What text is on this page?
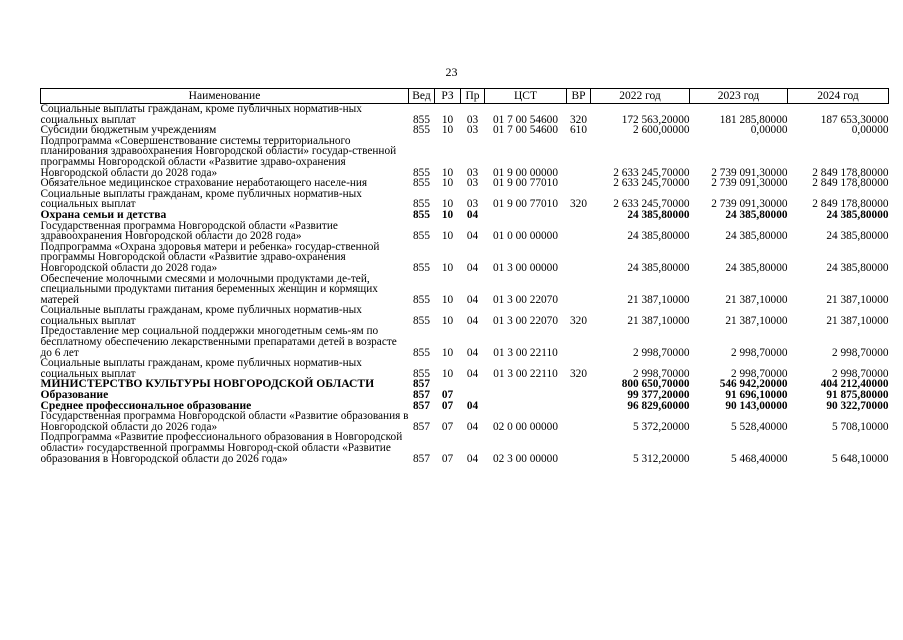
23
Наименование	Вед	РЗ	Пр	ЦСТ	ВР	2022 год	2023 год	2024 год
Социальные выплаты гражданам, кроме публичных норматив-ных социальных выплат	855	10	03	01 7 00 54600	320	172 563,20000	181 285,80000	187 653,30000
Субсидии бюджетным учреждениям	855	10	03	01 7 00 54600	610	2 600,00000	0,00000	0,00000
Подпрограмма «Совершенствование системы территориального планирования здравоохранения Новгородской области» государ-ственной программы Новгородской области «Развитие здраво-охранения Новгородской области до 2028 года»	855	10	03	01 9 00 00000		2 633 245,70000	2 739 091,30000	2 849 178,80000
Обязательное медицинское страхование неработающего населе-ния	855	10	03	01 9 00 77010		2 633 245,70000	2 739 091,30000	2 849 178,80000
Социальные выплаты гражданам, кроме публичных норматив-ных социальных выплат	855	10	03	01 9 00 77010	320	2 633 245,70000	2 739 091,30000	2 849 178,80000
Охрана семьи и детства	855	10	04			24 385,80000	24 385,80000	24 385,80000
Государственная программа Новгородской области «Развитие здравоохранения Новгородской области до 2028 года»	855	10	04	01 0 00 00000		24 385,80000	24 385,80000	24 385,80000
Подпрограмма «Охрана здоровья матери и ребенка» государ-ственной программы Новгородской области «Развитие здраво-охранения Новгородской области до 2028 года»	855	10	04	01 3 00 00000		24 385,80000	24 385,80000	24 385,80000
Обеспечение молочными смесями и молочными продуктами де-тей, специальными продуктами питания беременных женщин и кормящих матерей	855	10	04	01 3 00 22070		21 387,10000	21 387,10000	21 387,10000
Социальные выплаты гражданам, кроме публичных норматив-ных социальных выплат	855	10	04	01 3 00 22070	320	21 387,10000	21 387,10000	21 387,10000
Предоставление мер социальной поддержки многодетным семь-ям по бесплатному обеспечению лекарственными препаратами детей в возрасте до 6 лет	855	10	04	01 3 00 22110		2 998,70000	2 998,70000	2 998,70000
Социальные выплаты гражданам, кроме публичных норматив-ных социальных выплат	855	10	04	01 3 00 22110	320	2 998,70000	2 998,70000	2 998,70000
МИНИСТЕРСТВО КУЛЬТУРЫ НОВГОРОДСКОЙ ОБЛАСТИ	857					800 650,70000	546 942,20000	404 212,40000
Образование	857	07				99 377,20000	91 696,10000	91 875,80000
Среднее профессиональное образование	857	07	04			96 829,60000	90 143,00000	90 322,70000
Государственная программа Новгородской области «Развитие образования в Новгородской области до 2026 года»	857	07	04	02 0 00 00000		5 372,20000	5 528,40000	5 708,10000
Подпрограмма «Развитие профессионального образования в Новгородской области» государственной программы Новгород-ской области «Развитие образования в Новгородской области до 2026 года»	857	07	04	02 3 00 00000		5 312,20000	5 468,40000	5 648,10000
